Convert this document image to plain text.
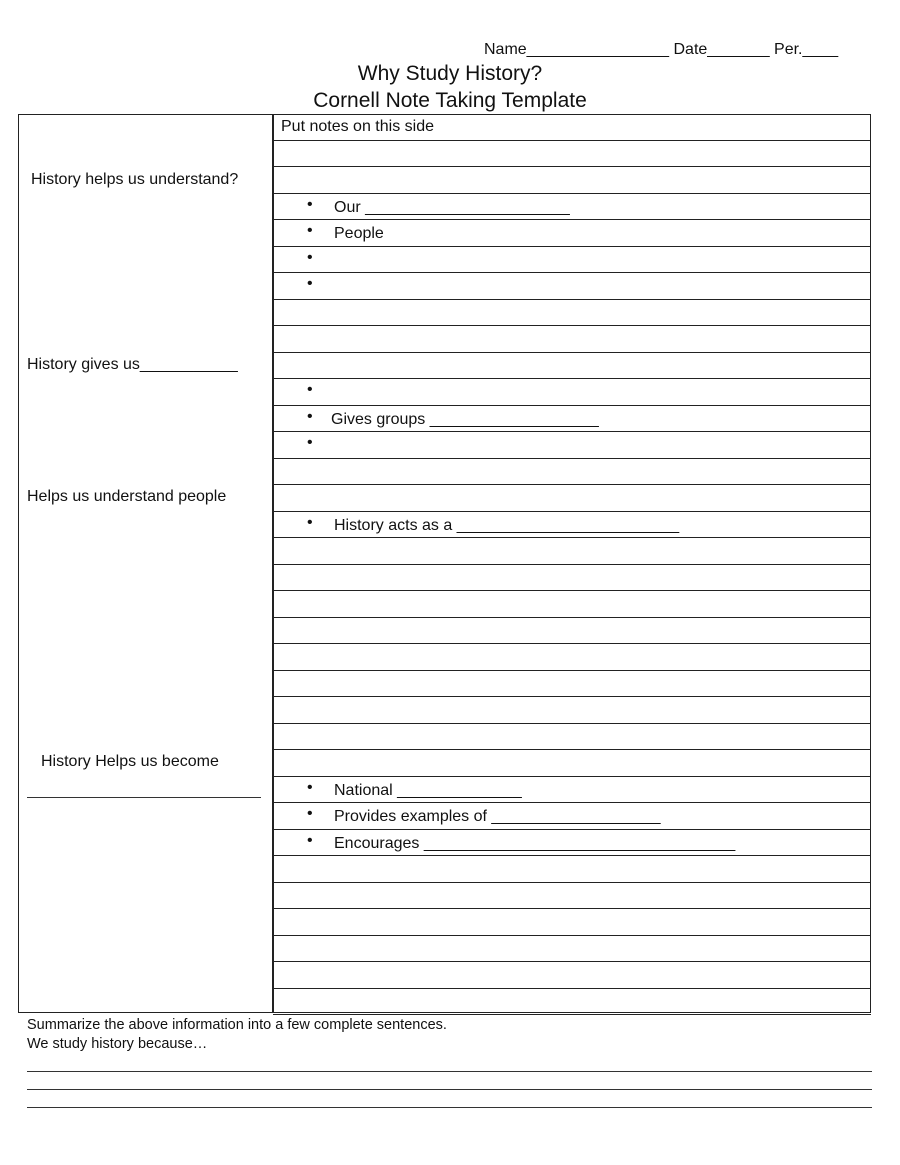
Name________________ Date_______ Per.____
Why Study History?
Cornell Note Taking Template
History helps us understand?
History gives us___________
Helps us understand people
History Helps us become
Put notes on this side
• Our _______________________
• People
•
•
•
• Gives groups ___________________
•
• History acts as a _________________________
• National ______________
• Provides examples of ___________________
• Encourages ___________________________________
Summarize the above information into a few complete sentences.
We study history because…
